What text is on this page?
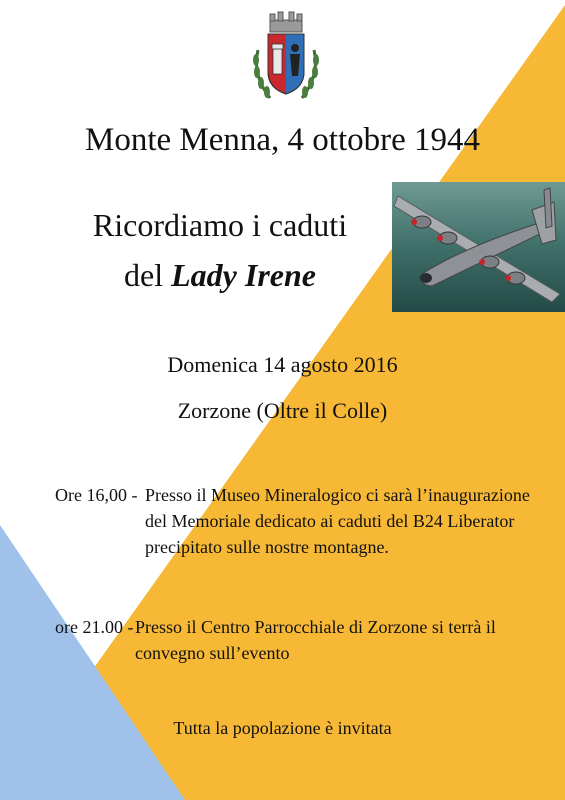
Monte Menna, 4 ottobre 1944
Ricordiamo i caduti
del Lady Irene
Domenica 14 agosto 2016
Zorzone (Oltre il Colle)
Ore 16,00 - Presso il Museo Mineralogico ci sarà l’inaugurazione del Memoriale dedicato ai caduti del B24 Liberator precipitato sulle nostre montagne.
ore 21.00 - Presso il Centro Parrocchiale di Zorzone si terrà il convegno sull’evento
Tutta la popolazione è invitata
